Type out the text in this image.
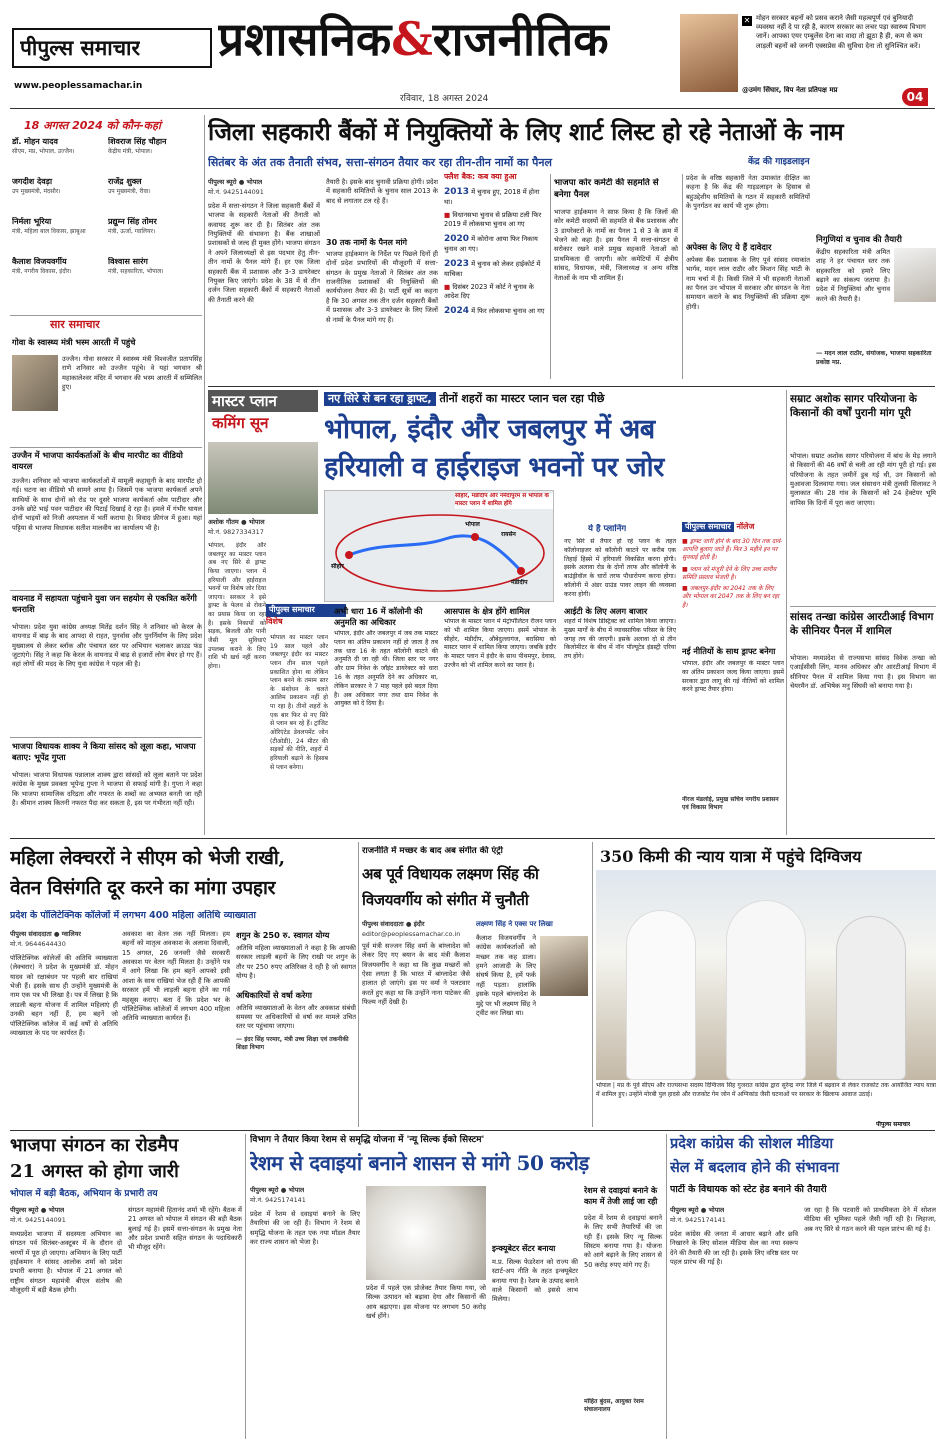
पीपुल्स समाचार
www.peoplessamachar.in
प्रशासनिक&राजनीतिक
रविवार, 18 अगस्त 2024
✕ मोहन सरकार बहनों को प्रसव कराने जैसी महत्वपूर्ण एवं बुनियादी व्यवस्था नहीं दे पा रही है, कारण सरकार का लचर पड़ा स्वास्थ्य विभाग जानें। आपका एयर एम्बुलेंस देना का वादा तो झूठा है ही, कम से कम लाड़ली बहनों को जननी एक्सप्रेस की सुविधा देना तो सुनिश्चित करें।
@उमंग सिंघार, विप नेता प्रतिपक्ष मप्र	04
18 अगस्त 2024 को कौन-कहां
डॉ. मोहन यादव
सीएम, मप्र, भोपाल, उज्जैन।
शिवराज सिंह चौहान
केंद्रीय मंत्री, भोपाल।
जगदीश देवड़ा
उप मुख्यमंत्री, मंदसौर।
राजेंद्र शुक्ल
उप मुख्यमंत्री, रीवा।
निर्मला भूरिया
मंत्री, महिला बाल विकास, झाबुआ
प्रद्युम्न सिंह तोमर
मंत्री, ऊर्जा, ग्वालियर।
कैलाश विजयवर्गीय
मंत्री, नगरीय विकास, इंदौर।
विश्वास सारंग
मंत्री, सहकारिता, भोपाल।
सार समाचार
गोवा के स्वास्थ्य मंत्री भस्म आरती में पहुंचे
उज्जैन। गोवा सरकार में स्वास्थ्य मंत्री विश्वजीत प्रतापसिंह राणे शनिवार को उज्जैन पहुंचे। वे यहां भगवान श्री महाकालेश्वर मंदिर में भगवान की भस्म आरती में सम्मिलित हुए।
उज्जैन में भाजपा कार्यकर्ताओं के बीच मारपीट का वीडियो वायरल
उज्जैन। शनिवार को भाजपा कार्यकर्ताओं में मामूली कहासुनी के बाद मारपीट हो गई। घटना का वीडियो भी सामने आया है। जिसमें एक भाजपा कार्यकर्ता अपने साथियों के साथ दोनों को रोड पर दुसरे भाजपा कार्यकर्ता ओम पाटीदार और उनके छोटे भाई पवन पाटीदार की पिटाई दिखाई दे रहा है। हमले में गंभीर घायल दोनों भाइयों को निजी अस्पताल में भर्ती कराया है। विवाद फ्रीगंज में हुआ। यहां पट्टिया से भाजपा विधायक सतीश मालवीय का कार्यालय भी है।
वायनाड में सहायता पहुंचाने युवा जन सहयोग से एकत्रित करेंगी धनराशि
भोपाल। प्रदेश युवा कांग्रेस अध्यक्ष मितेंद्र दर्शन सिंह ने शनिवार को केरल के वायनाड में बाढ़ के बाद आपदा से राहत, पुनर्वास और पुनर्निर्माण के लिए प्रदेश मुख्यालय से लेकर ब्लॉक और पंचायत स्तर पर अभियान चलाकर क्राउड फंड जुटाएंगे। सिंह ने कहा कि केरल के वायनाड में बाढ़ से हजारों लोग बेघर हो गए हैं। वहां लोगों की मदद के लिए युवा कांग्रेस ने पहल की है।
भाजपा विधायक शाक्य ने किया सांसद को लूला कहा, भाजपा बताए: भूपेंद्र गुप्ता
भोपाल। भाजपा विधायक पन्नालाल शाक्य द्वारा सांसदों को लूला बताने पर प्रदेश कांग्रेस के मुख्य प्रवक्ता भूपेन्द्र गुप्ता ने भाजपा से सफाई मांगी है। गुप्ता ने कहा कि भाजपा सामाजिक दरिद्रता और नफरत के शब्दों का अभ्यस्त बनती जा रही है। श्रीमान शाक्य कितनी नफरत पैदा कर सकता है, इस पर गंभीरता नहीं रही।
जिला सहकारी बैंकों में नियुक्तियों के लिए शार्ट लिस्ट हो रहे नेताओं के नाम
सितंबर के अंत तक तैनाती संभव, सत्ता-संगठन तैयार कर रहा तीन-तीन नामों का पैनल
पीपुल्स ब्यूरो ● भोपाल
मो.नं. 9425144091
प्रदेश में सत्ता-संगठन ने जिला सहकारी बैंकों में भाजपा के सहकारी नेताओं की तैनाती को कवायद शुरू कर दी है। सितंबर अंत तक नियुक्तियों की संभावना है। बैंक शाखाओं प्रशासकों से जल्द ही मुक्त होंगे। भाजपा संगठन ने अपने जिलाध्यक्षों से इस पदभार हेतु तीन-तीन नामों के पैनल मांगे हैं। हर एक जिला सहकारी बैंक में प्रशासक और 3-3 डायरेक्टर नियुक्त किए जाएंगे। प्रदेश के 38 में से तीन दर्जन जिला सहकारी बैंकों में सहकारी नेताओं की तैनाती करने की
तैयारी है। इसके बाद चुनावी प्रक्रिया होगी। प्रदेश में सहकारी समितियों के चुनाव साल 2013 के बाद से लगातार टल रहे हैं।
30 तक नामों के पैनल मांगे
भाजपा हाईकमान के निर्देश पर पिछले दिनों ही दोनों प्रदेश प्रभारियों की मौजूदगी में सत्ता-संगठन के प्रमुख नेताओं ने सितंबर अंत तक राजनीतिक प्रशासकों की नियुक्तियों की कार्ययोजना तैयार की है। पार्टी सूत्रों का कहना है कि 30 अगस्त तक तीन दर्जन सहकारी बैंकों में प्रशासक और 3-3 डायरेक्टर के लिए जिलों से नामों के पैनल मांगे गए हैं।
फ्लैश बैक: कब क्या हुआ
2013 में चुनाव हुए, 2018 में होना था।
■ विधानसभा चुनाव से प्रक्रिया टली फिर 2019 में लोकसभा चुनाव आ गए
2020 में कोरोना आया फिर निकाय चुनाव आ गए।
2023 में चुनाव को लेकर हाईकोर्ट में याचिका
■ दिसंबर 2023 में कोर्ट ने चुनाव के आदेश दिए
2024 में फिर लोकसभा चुनाव आ गए
भाजपा कोर कमेटी की सहमति से बनेगा पैनल
भाजपा हाईकमान ने साफ़ किया है कि जिलों की कोर कमेटी सदस्यों की सहमति से बैंक प्रशासक और 3 डायरेक्टरों के नामों का पैनल 1 से 3 के क्रम में भेजने को कहा है। इस पैनल में सत्ता-संगठन से सरोकार रखने वाले प्रमुख सहकारी नेताओं को प्राथमिकता दी जाएगी। कोर कमेटियों में क्षेत्रीय सांसद, विधायक, मंत्री, जिलाध्यक्ष व अन्य वरिष्ठ नेताओं के नाम भी शामिल हैं।
केंद्र की गाइडलाइन
प्रदेश के वरिष्ठ सहकारी नेता उमाकांत दीक्षित का कहना है कि केंद्र की गाइडलाइन के हिसाब से बहुउद्देशीय समितियों के गठन में सहकारी समितियों के पुनर्गठन का कार्य भी शुरू होगा।
अपेक्स के लिए ये हैं दावेदार
अपेक्स बैंक प्रशासक के लिए पूर्व सांसद रमाकांत भार्गव, मदन लाल राठौर और किशन सिंह भाटी के नाम चर्चा में हैं। किसी जिले में भी सहकारी नेताओं का पैनल उन भोपाल में सरकार और संगठन के नेता समायान कराने के बाद नियुक्तियों की प्रक्रिया शुरू होगी।
निगुणियां व चुनाव की तैयारी
केंद्रीय सहकारिता मंत्री अमित शाह ने हर पंचायत स्तर तक सहकारिता को हमारे लिए बढ़ाने का संकल्प जताया है। प्रदेश में नियुक्तियां और चुनाव करने की तैयारी है।
— मदन लाल राठौर, संयोजक, भाजपा सहकारिता प्रकोष्ठ मप्र.
मास्टर प्लान
कमिंग सून
नए सिरे से बन रहा ड्राफ्ट, तीनों शहरों का मास्टर प्लान चल रहा पीछे
भोपाल, इंदौर और जबलपुर में अब
हरियाली व हाईराइज भवनों पर जोर
अशोक गौतम ● भोपाल
मो.नं. 9827334317
भोपाल, इंदौर और जबलपुर का मास्टर प्लान अब नए सिरे से ड्राफ्ट किया जाएगा। प्लान में हरियाली और हाईराइज भवनों पर विशेष जोर दिया जाएगा। सरकार ने इसे ड्राफ्ट के फेलव से रोकने का प्रयास किया जा रहा है। इसके निकायों को सड़क, बिजली और पानी जैसी मूल सुविधाएं उपलब्ध कराने के लिए राशि भी खर्च नहीं करना होगा।
सीहोर, मंडीदीप और नर्मदापुरम से भोपाल के मास्टर प्लान में शामिल होंगे
सीहोर
भोपाल
रायसेन
मंडीदीप
पीपुल्स समाचार
विशेष
भोपाल का मास्टर प्लान 19 साल पहले और जबलपुर इंदौर का मास्टर प्लान तीन साल पहले प्रकाशित होना था लेकिन प्लान बनने के तमाम स्तर के संशोधन के चलते आलिम प्रकाशन नहीं हो पा रहा है। तीनों शहरों के एक बार फिर से नए सिरे से प्लान बन रहे हैं। ट्रांजिट ओरिएंटेड डेवलपमेंट जोन (टीओडी), 24 मीटर की सड़कों की नीति, शहरों में हरियाली बढ़ाने के हिसाब से प्लान बनेगा।
अभी धारा 16 में कॉलोनी की अनुमति का अधिकार
भोपाल, इंदौर और जबलपुर में जब तक मास्टर प्लान का अंतिम प्रकाशन नहीं हो जाता है तब तक धारा 16 के तहत कॉलोनी काटने की अनुमति दी जा रही थी। जिला स्तर पर नगर और ग्राम निवेश के जॉइंट डायरेक्टर को धारा 16 के तहत अनुमति देने का अधिकार था, लेकिन सरकार ने 7 माह पहले इसे बदल दिया है। अब अधिकार नगर तथा ग्राम निवेश के आयुक्त को दे दिया है।
आसपास के क्षेत्र होंगे शामिल
भोपाल के मास्टर प्लान में मेट्रोपॉलिटन रीजन प्लान को भी शामिल किया जाएगा। इसमें भोपाल के सीहोर, मंडीदीप, औबेदुल्लागंज, बरासिया को मास्टर प्लान में शामिल किया जाएगा। जबकि इंदौर के मास्टर प्लान में इंदौर के साथ पीथमपुर, देवास, उज्जैन को भी शामिल करने का प्लान है।
ये है प्लानिंग
नए सिरे से तैयार हो रहे प्लान के तहत कॉलोनाइजर को कॉलोनी काटने पर करीब एक तिहाई हिस्से में हरियाली विकसित करना होगी। इसके अलावा रोड के दोनों तरफ और कॉलोनी के बाउंड्रीवॉल के चारों तरफ पौधारोपण करना होगा। कॉलोनी में अंडर ग्राउंड पावर लाइन की व्यवस्था करना होगी।
आईटी के लिए अलग बाजार
शहरों में विशेष डिस्ट्रिक्ट को शामिल किया जाएगा। मुख्य मार्गों के बीच में व्यावसायिक परिसर के लिए जगह तय की जाएगी। इसके अलावा दो से तीन किलोमीटर के बीच में नॉन पॉल्यूटेड इंडस्ट्री एरिया तय होंगे।
पीपुल्स समाचार नॉलेज
■ ड्राफ्ट जारी होने के बाद 30 दिन तक दावे-आपत्ति बुलाए जाते हैं। फिर 3 महीने इन पर सुनवाई होती है।
■ प्लान को मंजूरी देने के लिए उच्च स्तरीय समिति प्रस्ताव भेजती है।
■ जबलपुर-इंदौर का 2041 तक के लिए और भोपाल का 2047 तक के लिए बन रहा है।
नई नीतियों के साथ ड्राफ्ट बनेगा
भोपाल, इंदौर और जबलपुर के मास्टर प्लान का अंतिम प्रकाशन जल्द किया जाएगा। इसमें सरकार द्वारा लागू की गई नीतियों को शामिल करने ड्राफ्ट तैयार होगा।
नीरज मंडलोई, प्रमुख सचिव नगरीय प्रशासन एवं विकास विभाग
सम्राट अशोक सागर परियोजना के किसानों की वर्षों पुरानी मांग पूरी
भोपाल। सम्राट अशोक सागर परियोजना में बांध के मेड़ लगाने से किसानों की 46 वर्षों से चली आ रही मांग पूरी हो गई। इस परियोजना के तहत जमीनें डूब गई थी, उन किसानों को मुआवजा दिलवाया गया। जल संसाधन मंत्री तुलसी सिलावट ने मुलाकात की। 28 गांव के किसानों को 24 हेक्टेयर भूमि वापिस कि दिनों में पूरा करा जाएगा।
सांसद तन्खा कांग्रेस आरटीआई विभाग के सीनियर पैनल में शामिल
भोपाल। मध्यप्रदेश से राज्यसभा सांसद विवेक तन्खा को एआईसीसी लिंग, मानव अधिकार और आरटीआई विभाग में सीनियर पैनल में शामिल किया गया है। इस विभाग का चेयरमैन डॉ. अभिषेक मनु सिंघवी को बनाया गया है।
महिला लेक्चररों ने सीएम को भेजी राखी,
वेतन विसंगति दूर करने का मांगा उपहार
प्रदेश के पॉलिटेक्निक कॉलेजों में लगभग 400 महिला अतिथि व्याख्याता
पीपुल्स संवाददाता ● ग्वालियर
मो.नं. 9644644430
पॉलिटेक्निक कॉलेजों की अतिथि व्याख्याता (लेक्चरार) ने प्रदेश के मुख्यमंत्री डॉ. मोहन यादव को रक्षाबंधन पर पहली बार राखियां भेजी हैं। इसके साथ ही उन्होंने मुख्यमंत्री के नाम एक पत्र भी लिखा है। पत्र में लिखा है कि लाडली बहना योजना में शामिल महिलाएं ही उनकी बहन नहीं हैं, हम बहनें जो पॉलिटेक्निक कॉलेज में कई वर्षों से अतिथि व्याख्याता के पद पर कार्यरत हैं।
अवकाश का वेतन तक नहीं मिलता। हम बहनों को मातृत्व अवकाश के अलावा दिवाली, 15 अगस्त, 26 जनवरी जैसे सरकारी अवकाश पर वेतन नहीं मिलता है। उन्होंने पत्र में आगे लिखा कि हम बहनें आपको इसी आशा के साथ राखियां भेज रही हैं कि आपकी सरकार हमें भी लाड़ली बहना होने का गर्व महसूस कराए। बता दें कि प्रदेश भर के पॉलिटेक्निक कॉलेजों में लगभग 400 महिला अतिथि व्याख्याता कार्यरत हैं।
शगुन के 250 रु. स्वागत योग्य
अतिथि महिला व्याख्याताओं ने कहा है कि आपकी सरकार लाड़ली बहनों के लिए राखी पर शगुन के तौर पर 250 रुपए अतिरिक्त दे रही है जो स्वागत योग्य है।
अधिकारियों से वर्षा करेगा
अतिथि व्याख्याताओं के वेतन और अवकाश संबंधी समस्या पर अधिकारियों से वर्षा कर मामले उचित स्तर पर पहुंचाया जाएगा।
— इंदर सिंह परमार, मंत्री उच्च शिक्षा एवं तकनीकी शिक्षा विभाग
राजनीति में मच्छर के बाद अब संगीत की एंट्री
अब पूर्व विधायक लक्ष्मण सिंह की
विजयवर्गीय को संगीत में चुनौती
पीपुल्स संवाददाता ● इंदौर
editor@peoplessamachar.co.in
पूर्व मंत्री सज्जन सिंह वर्मा के बांग्लादेश को लेकर दिए गए बयान के बाद मंत्री कैलाश विजयवर्गीय ने कहा था कि कुछ मच्छरों को ऐसा लगता है कि भारत में बांग्लादेश जैसे हालात हो जाएंगे। इस पर वर्मा ने पलटवार करते हुए कहा था कि उन्होंने नाना पाटेकर की फिल्म नहीं देखी है।
लक्ष्मण सिंह ने एक्स पर लिखा
कैलाश विजयवर्गीय ने कांग्रेस कार्यकर्ताओं को मच्छर तक कह डाला। हमने आजादी के लिए संघर्ष किया है, हमें फर्क नहीं पड़ता। हालांकि इसके पहले बांग्लादेश के मुद्दे पर भी लक्ष्मण सिंह ने ट्वीट कर लिखा था।
350 किमी की न्याय यात्रा में पहुंचे दिग्विजय
भोपाल | मप्र के पूर्व सीएम और राज्यसभा सदस्य दिग्विजय सिंह गुजरात कांग्रेस द्वारा सुरेन्द्र नगर जिले में बढ़वान से लेकर राजकोट तक आयोजित न्याय यात्रा में शामिल हुए। उन्होंने मोरबी पुल हादसे और राजकोट गेम जोन में अग्निकांड जैसी घटनाओं पर सरकार के खिलाफ आवाज उठाई।
पीपुल्स समाचार
भाजपा संगठन का रोडमैप
21 अगस्त को होगा जारी
भोपाल में बड़ी बैठक, अभियान के प्रभारी तय
पीपुल्स ब्यूरो ● भोपाल
मो.नं. 9425144091
मध्यप्रदेश भाजपा में सदस्यता अभियान का संगठन पर्व सितंबर-अक्टूबर में के दौरान दो चरणों में पूरा हो जाएगा। अभियान के लिए पार्टी हाईकमान ने सांसद आलोक शर्मा को प्रदेश प्रभारी बनाया है। भोपाल में 21 अगस्त को राष्ट्रीय संगठन महामंत्री बीएल संतोष की मौजूदगी में बड़ी बैठक होगी।
संगठन महामंत्री हितानंद शर्मा भी रहेंगे। बैठक में 21 अगस्त को भोपाल में संगठन की बड़ी बैठक बुलाई गई है। इसमें सत्ता-संगठन के प्रमुख नेता और प्रदेश प्रभारी सहित संगठन के पदाधिकारी भी मौजूद रहेंगे।
विभाग ने तैयार किया रेशम से समृद्धि योजना में 'न्यू सिल्क ईको सिस्टम'
रेशम से दवाइयां बनाने शासन से मांगे 50 करोड़
पीपुल्स ब्यूरो ● भोपाल
मो.नं. 9425174141
प्रदेश में रेशम से दवाइयां बनाने के लिए तैयारियां की जा रही हैं। विभाग ने रेशम से समृद्धि योजना के तहत एक नया मॉडल तैयार कर राज्य शासन को भेजा है।
प्रदेश में पहले एक प्रोजेक्ट तैयार किया गया, जो सिल्क उत्पादन को बढ़ावा देगा और किसानों की आय बढ़ाएगा। इस योजना पर लगभग 50 करोड़ खर्च होंगे।
इन्क्यूबेटर सेंटर बनाया
म.प्र. सिल्क फेडरेशन को राज्य की स्टार्ट-अप नीति के तहत इन्क्यूबेटर बनाया गया है। रेशम के उत्पाद बनाने वाले किसानों को इससे लाभ मिलेगा।
रेशम से दवाइयां बनाने के काम में तेजी लाई जा रही
प्रदेश में रेशम से दवाइयां बनाने के लिए सभी तैयारियों की जा रही हैं। इसके लिए न्यू सिल्क सिस्टम बनाया गया है। योजना को आगे बढ़ाने के लिए शासन से 50 करोड़ रुपए मांगे गए हैं।
मोहित बुंदस, आयुक्त रेशम संचालनालय
प्रदेश कांग्रेस की सोशल मीडिया
सेल में बदलाव होने की संभावना
पार्टी के विधायक को स्टेट हेड बनाने की तैयारी
पीपुल्स ब्यूरो ● भोपाल
मो.नं. 9425174141
प्रदेश कांग्रेस की जनता में आधार बढ़ाने और छवि निखारने के लिए सोशल मीडिया सेल का नया स्वरूप देने की तैयारी की जा रही है। इसके लिए वरिष्ठ स्तर पर पहल प्रारंभ की गई है।
जा रहा है कि पटवारी को प्राथमिकता देने में सोशल मीडिया की भूमिका पहले जैसी नहीं रही है। लिहाजा, अब नए सिरे से गठन करने की पहल प्रारंभ की गई है।
